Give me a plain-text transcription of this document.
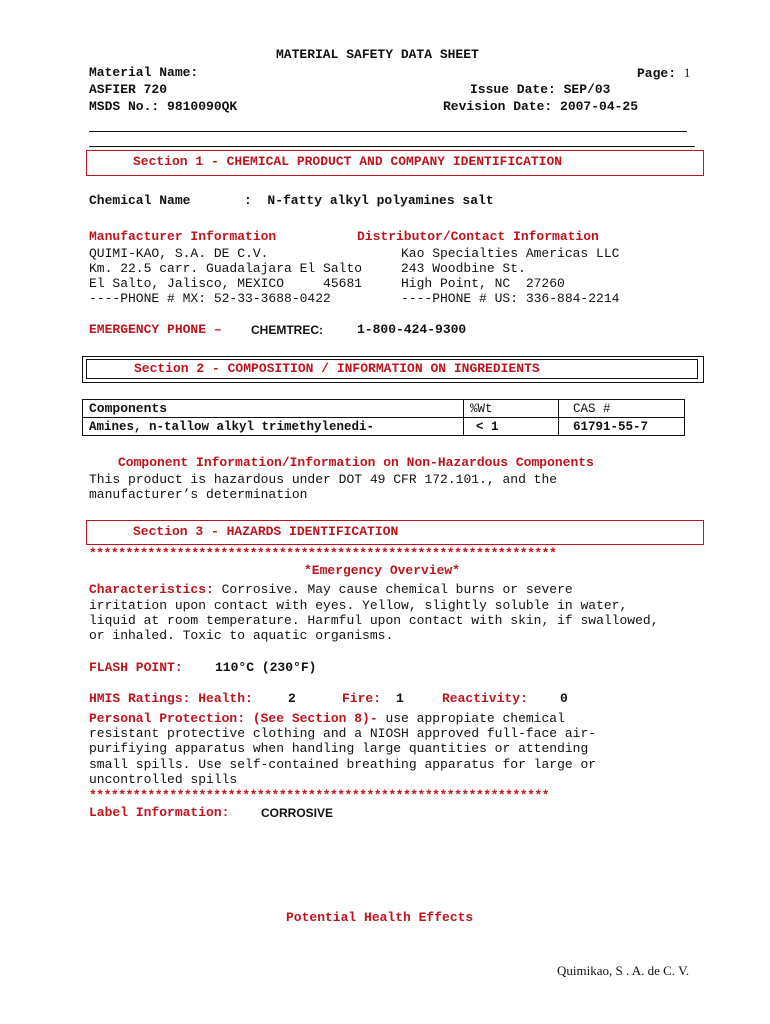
MATERIAL SAFETY DATA SHEET
Material Name:
ASFIER 720
MSDS No.: 9810090QK
Page: 1
Issue Date: SEP/03
Revision Date: 2007-04-25
Section 1 - CHEMICAL PRODUCT AND COMPANY IDENTIFICATION
Chemical Name	:  N-fatty alkyl polyamines salt
Manufacturer Information
QUIMI-KAO, S.A. DE C.V.
Km. 22.5 carr. Guadalajara El Salto
El Salto, Jalisco, MEXICO     45681
----PHONE # MX: 52-33-3688-0422
Distributor/Contact Information
Kao Specialties Americas LLC
243 Woodbine St.
High Point, NC  27260
----PHONE # US: 336-884-2214
EMERGENCY PHONE – CHEMTREC:	1-800-424-9300
Section 2 - COMPOSITION / INFORMATION ON INGREDIENTS
Components	%Wt	CAS #
Amines, n-tallow alkyl trimethylenedi-	< 1	61791-55-7
Component Information/Information on Non-Hazardous Components
This product is hazardous under DOT 49 CFR 172.101., and the
manufacturer’s determination
Section 3 - HAZARDS IDENTIFICATION
****************************************************************
*Emergency Overview*
Characteristics: Corrosive. May cause chemical burns or severe
irritation upon contact with eyes. Yellow, slightly soluble in water,
liquid at room temperature. Harmful upon contact with skin, if swallowed,
or inhaled. Toxic to aquatic organisms.
FLASH POINT: 110°C (230°F)
HMIS Ratings: Health:	2	Fire: 1	Reactivity: 0
Personal Protection: (See Section 8)- use appropiate chemical
resistant protective clothing and a NIOSH approved full-face air-
purifiying apparatus when handling large quantities or attending
small spills. Use self-contained breathing apparatus for large or
uncontrolled spills
***************************************************************
Label Information:	CORROSIVE
Potential Health Effects
Quimikao, S . A. de C. V.
